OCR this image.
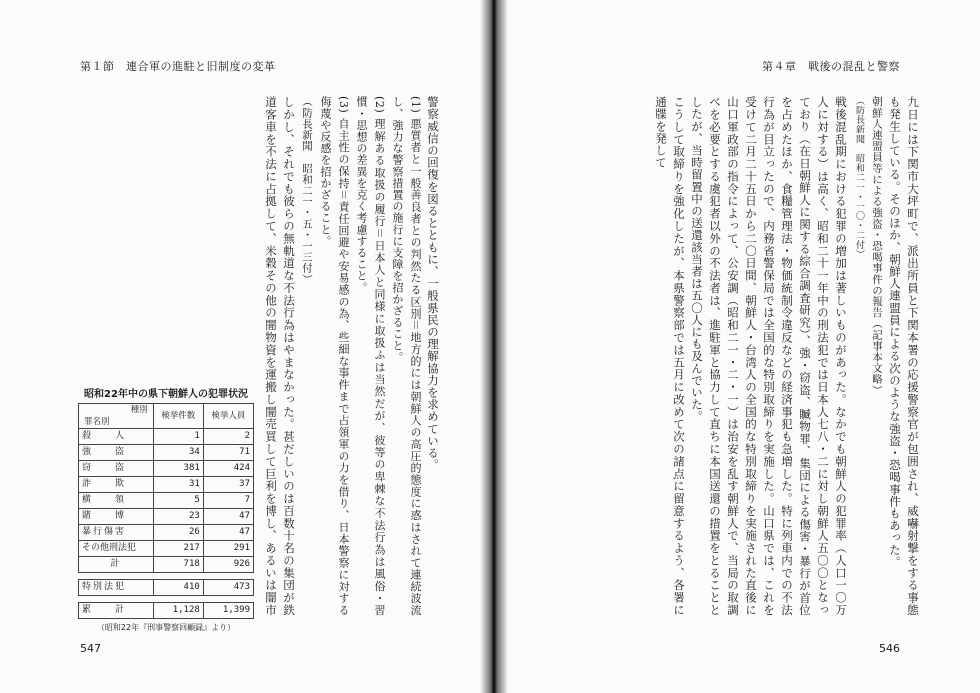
第１節　連合軍の進駐と旧制度の変革

警察威信の回復を図るとともに、一般県民の理解協力を求めている。

(1) 悪質者と一般善良者との判然たる区別＝地方的には朝鮮人の高圧的態度に惑はされて連続波流し、強力な警察措置の施行に支障を招かざること。

(2) 理解ある取扱の履行＝日本人と同様に取扱ふは当然だが、彼等の卑棘な不法行為は風俗・習慣・思想の差異を克く考慮すること。

(3) 自主性の保持＝責任回避や安易感の為、些細な事件まで占領軍の力を借り、日本警察に対する侮蔑や反感を招かざること。

（防長新聞　昭和二一・五・一三付）

しかし、それでも彼らの無軌道な不法行為はやまなかった。甚だしいのは百数十名の集団が鉄道客車を不法に占拠して、米穀その他の闇物資を運搬し闇売買して巨利を博し、あるいは闇市

昭和22年中の県下朝鮮人の犯罪状況
種別
罪名別	検挙件数	検挙人員
殺　　人	1	2
強　　盗	34	71
窃　　盗	381	424
詐　　欺	31	37
横　　領	5	7
賭　　博	23	47
暴行傷害	26	47
その他刑法犯	217	291
計	718	926

特別法犯	410	473

累　　計	1,128	1,399
（昭和22年『刑事警察回顧録』より）
547
第４章　戦後の混乱と警察

九日には下関市大坪町で、派出所員と下関本署の応援警察官が包囲され、威嚇射撃をする事態も発生している。そのほか、朝鮮人連盟員による次のような強盗・恐喝事件もあった。

朝鮮人連盟員等による強盗・恐喝事件の報告（記事本文略）

（防長新聞　昭和二一・一〇・二付）

戦後混乱期における犯罪の増加は著しいものがあった。なかでも朝鮮人の犯罪率（人口一〇万人に対する）は高く、昭和二十一年中の刑法犯では日本人七八・二に対し朝鮮人五〇〇となっており（在日朝鮮人に関する綜合調査研究）、強・窃盗、贓物罪、集団による傷害・暴行が首位を占めたほか、食糧管理法・物価統制令違反などの経済事犯も急増した。特に列車内での不法行為が目立ったので、内務省警保局では全国的な特別取締りを実施した。山口県では、これを受けて二月二十五日から二〇日間、朝鮮人・台湾人の全国的な特別取締りを実施された直後に山口軍政部の指令によって、公安調（昭和二一・二・一）は治安を乱す朝鮮人で、当局の取調べを必要とする虞犯者以外の不法者は、進駐軍と協力して直ちに本国送還の措置をとることとしたが、当時留置中の送還該当者は五〇人にも及んでいた。

こうして取締りを強化したが、本県警察部では五月に改めて次の諸点に留意するよう、各署に通牒を発して

546
